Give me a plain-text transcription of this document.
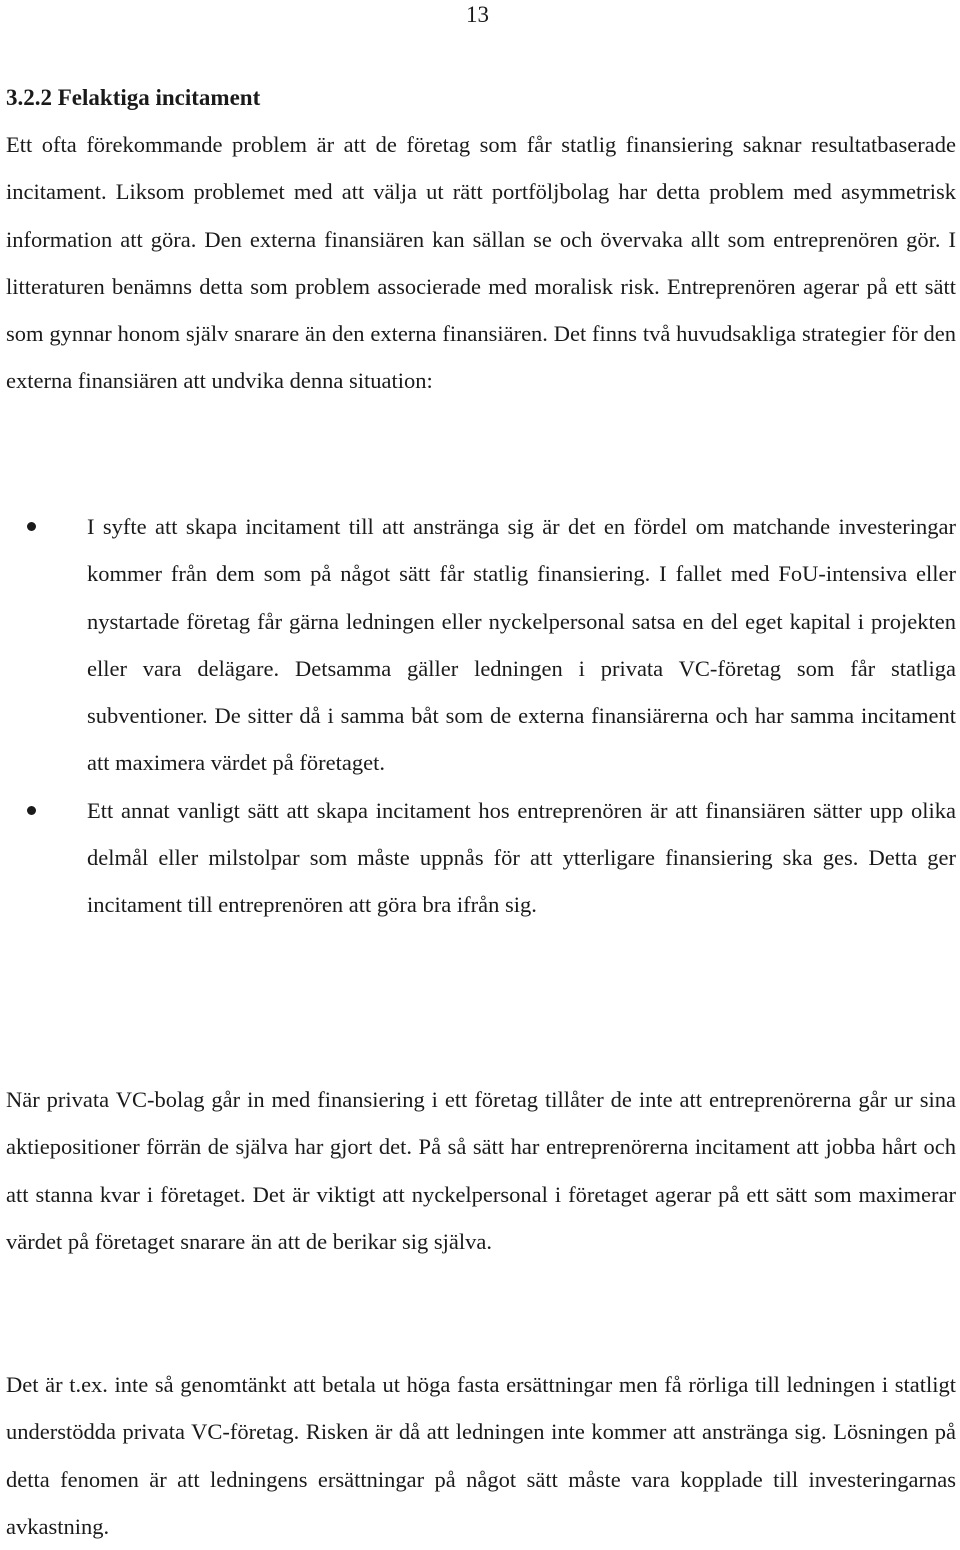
13
3.2.2 Felaktiga incitament

Ett ofta förekommande problem är att de företag som får statlig finansiering saknar resultatbaserade incitament. Liksom problemet med att välja ut rätt portföljbolag har detta problem med asymmetrisk information att göra. Den externa finansiären kan sällan se och övervaka allt som entreprenören gör. I litteraturen benämns detta som problem associerade med moralisk risk. Entreprenören agerar på ett sätt som gynnar honom själv snarare än den externa finansiären. Det finns två huvudsakliga strategier för den externa finansiären att undvika denna situation:

I syfte att skapa incitament till att anstränga sig är det en fördel om matchande investeringar kommer från dem som på något sätt får statlig finansiering. I fallet med FoU-intensiva eller nystartade företag får gärna ledningen eller nyckelpersonal satsa en del eget kapital i projekten eller vara delägare. Detsamma gäller ledningen i privata VC-företag som får statliga subventioner. De sitter då i samma båt som de externa finansiärerna och har samma incitament att maximera värdet på företaget.
Ett annat vanligt sätt att skapa incitament hos entreprenören är att finansiären sätter upp olika delmål eller milstolpar som måste uppnås för att ytterligare finansiering ska ges. Detta ger incitament till entreprenören att göra bra ifrån sig.

När privata VC-bolag går in med finansiering i ett företag tillåter de inte att entreprenörerna går ur sina aktiepositioner förrän de själva har gjort det. På så sätt har entreprenörerna incitament att jobba hårt och att stanna kvar i företaget. Det är viktigt att nyckelpersonal i företaget agerar på ett sätt som maximerar värdet på företaget snarare än att de berikar sig själva.

Det är t.ex. inte så genomtänkt att betala ut höga fasta ersättningar men få rörliga till ledningen i statligt understödda privata VC-företag. Risken är då att ledningen inte kommer att anstränga sig. Lösningen på detta fenomen är att ledningens ersättningar på något sätt måste vara kopplade till investeringarnas avkastning.
